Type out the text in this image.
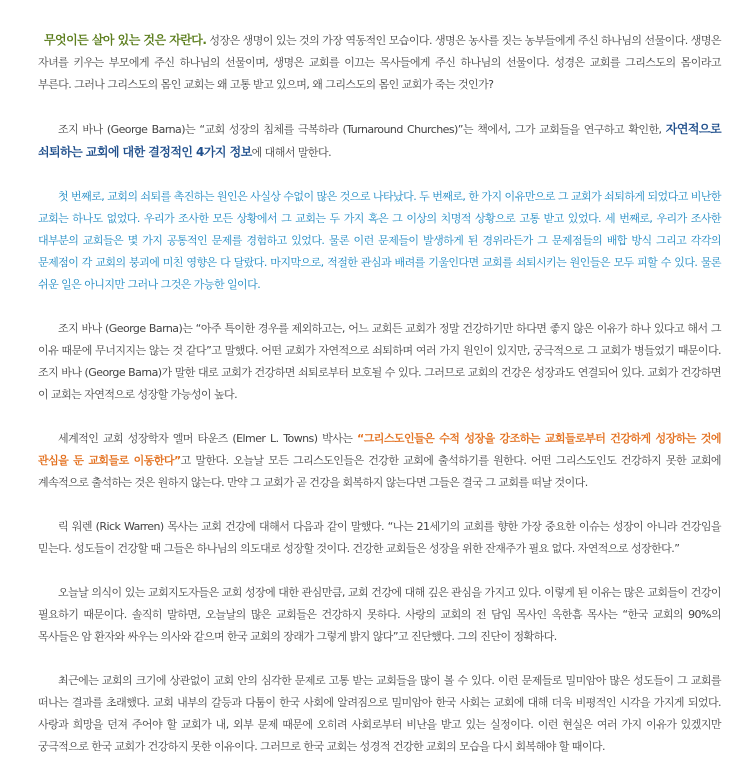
무엇이든 살아 있는 것은 자란다. 성장은 생명이 있는 것의 가장 역동적인 모습이다. 생명은 농사를 짓는 농부들에게 주신 하나님의 선물이다. 생명은 자녀를 키우는 부모에게 주신 하나님의 선물이며, 생명은 교회를 이끄는 목사들에게 주신 하나님의 선물이다. 성경은 교회를 그리스도의 몸이라고 부른다. 그러나 그리스도의 몸인 교회는 왜 고통 받고 있으며, 왜 그리스도의 몸인 교회가 죽는 것인가?

조지 바나 (George Barna)는 “교회 성장의 침체를 극복하라 (Turnaround Churches)”는 책에서, 그가 교회들을 연구하고 확인한, 자연적으로 쇠퇴하는 교회에 대한 결정적인 4가지 정보에 대해서 말한다.

첫 번째로, 교회의 쇠퇴를 촉진하는 원인은 사실상 수없이 많은 것으로 나타났다. 두 번째로, 한 가지 이유만으로 그 교회가 쇠퇴하게 되었다고 비난한 교회는 하나도 없었다. 우리가 조사한 모든 상황에서 그 교회는 두 가지 혹은 그 이상의 치명적 상황으로 고통 받고 있었다. 세 번째로, 우리가 조사한 대부분의 교회들은 몇 가지 공통적인 문제를 경험하고 있었다. 물론 이런 문제들이 발생하게 된 경위라든가 그 문제점들의 배합 방식 그리고 각각의 문제점이 각 교회의 붕괴에 미친 영향은 다 달랐다. 마지막으로, 적절한 관심과 배려를 기울인다면 교회를 쇠퇴시키는 원인들은 모두 피할 수 있다. 물론 쉬운 일은 아니지만 그러나 그것은 가능한 일이다.

조지 바나 (George Barna)는 “아주 특이한 경우를 제외하고는, 어느 교회든 교회가 정말 건강하기만 하다면 좋지 않은 이유가 하나 있다고 해서 그 이유 때문에 무너지지는 않는 것 같다”고 말했다. 어떤 교회가 자연적으로 쇠퇴하며 여러 가지 원인이 있지만, 궁극적으로 그 교회가 병들었기 때문이다. 조지 바나 (George Barna)가 말한 대로 교회가 건강하면 쇠퇴로부터 보호될 수 있다. 그러므로 교회의 건강은 성장과도 연결되어 있다. 교회가 건강하면 이 교회는 자연적으로 성장할 가능성이 높다.

세계적인 교회 성장학자 엘머 타운즈 (Elmer L. Towns) 박사는 “그리스도인들은 수적 성장을 강조하는 교회들로부터 건강하게 성장하는 것에 관심을 둔 교회들로 이동한다”고 말한다. 오늘날 모든 그리스도인들은 건강한 교회에 출석하기를 원한다. 어떤 그리스도인도 건강하지 못한 교회에 계속적으로 출석하는 것은 원하지 않는다. 만약 그 교회가 곧 건강을 회복하지 않는다면 그들은 결국 그 교회를 떠날 것이다.

릭 워렌 (Rick Warren) 목사는 교회 건강에 대해서 다음과 같이 말했다. “나는 21세기의 교회를 향한 가장 중요한 이슈는 성장이 아니라 건강임을 믿는다. 성도들이 건강할 때 그들은 하나님의 의도대로 성장할 것이다. 건강한 교회들은 성장을 위한 잔재주가 필요 없다. 자연적으로 성장한다.”

오늘날 의식이 있는 교회지도자들은 교회 성장에 대한 관심만큼, 교회 건강에 대해 깊은 관심을 가지고 있다. 이렇게 된 이유는 많은 교회들이 건강이 필요하기 때문이다. 솔직히 말하면, 오늘날의 많은 교회들은 건강하지 못하다. 사랑의 교회의 전 담임 목사인 옥한흠 목사는 “한국 교회의 90%의 목사들은 암 환자와 싸우는 의사와 같으며 한국 교회의 장래가 그렇게 밝지 않다”고 진단했다. 그의 진단이 정확하다.

최근에는 교회의 크기에 상관없이 교회 안의 심각한 문제로 고통 받는 교회들을 많이 볼 수 있다. 이런 문제들로 밀미암아 많은 성도들이 그 교회를 떠나는 결과를 초래했다. 교회 내부의 갈등과 다툼이 한국 사회에 알려짐으로 밀미암아 한국 사회는 교회에 대해 더욱 비평적인 시각을 가지게 되었다. 사랑과 희망을 던져 주어야 할 교회가 내, 외부 문제 때문에 오히려 사회로부터 비난을 받고 있는 실정이다. 이런 현실은 여러 가지 이유가 있겠지만 궁극적으로 한국 교회가 건강하지 못한 이유이다. 그러므로 한국 교회는 성경적 건강한 교회의 모습을 다시 회복해야 할 때이다.
